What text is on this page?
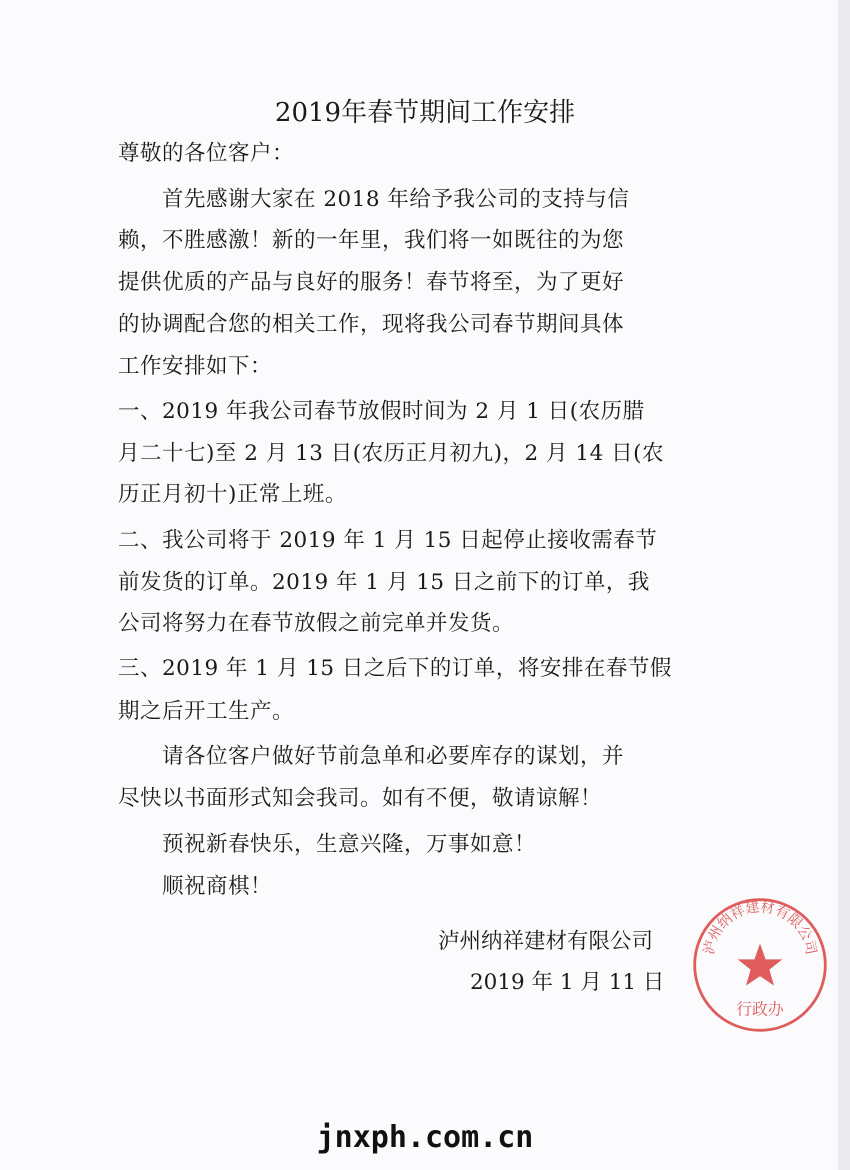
2019年春节期间工作安排
尊敬的各位客户：
　　首先感谢大家在 2018 年给予我公司的支持与信
赖，不胜感激！新的一年里，我们将一如既往的为您
提供优质的产品与良好的服务！春节将至，为了更好
的协调配合您的相关工作，现将我公司春节期间具体
工作安排如下：
一、2019 年我公司春节放假时间为 2 月 1 日(农历腊
月二十七)至 2 月 13 日(农历正月初九)，2 月 14 日(农
历正月初十)正常上班。
二、我公司将于 2019 年 1 月 15 日起停止接收需春节
前发货的订单。2019 年 1 月 15 日之前下的订单，我
公司将努力在春节放假之前完单并发货。
三、2019 年 1 月 15 日之后下的订单，将安排在春节假
期之后开工生产。
　　请各位客户做好节前急单和必要库存的谋划，并
尽快以书面形式知会我司。如有不便，敬请谅解！
　　预祝新春快乐，生意兴隆，万事如意！
　　顺祝商棋！
泸州纳祥建材有限公司
2019 年 1 月 11 日
泸州纳祥建材有限公司
行政办
jnxph.com.cn
